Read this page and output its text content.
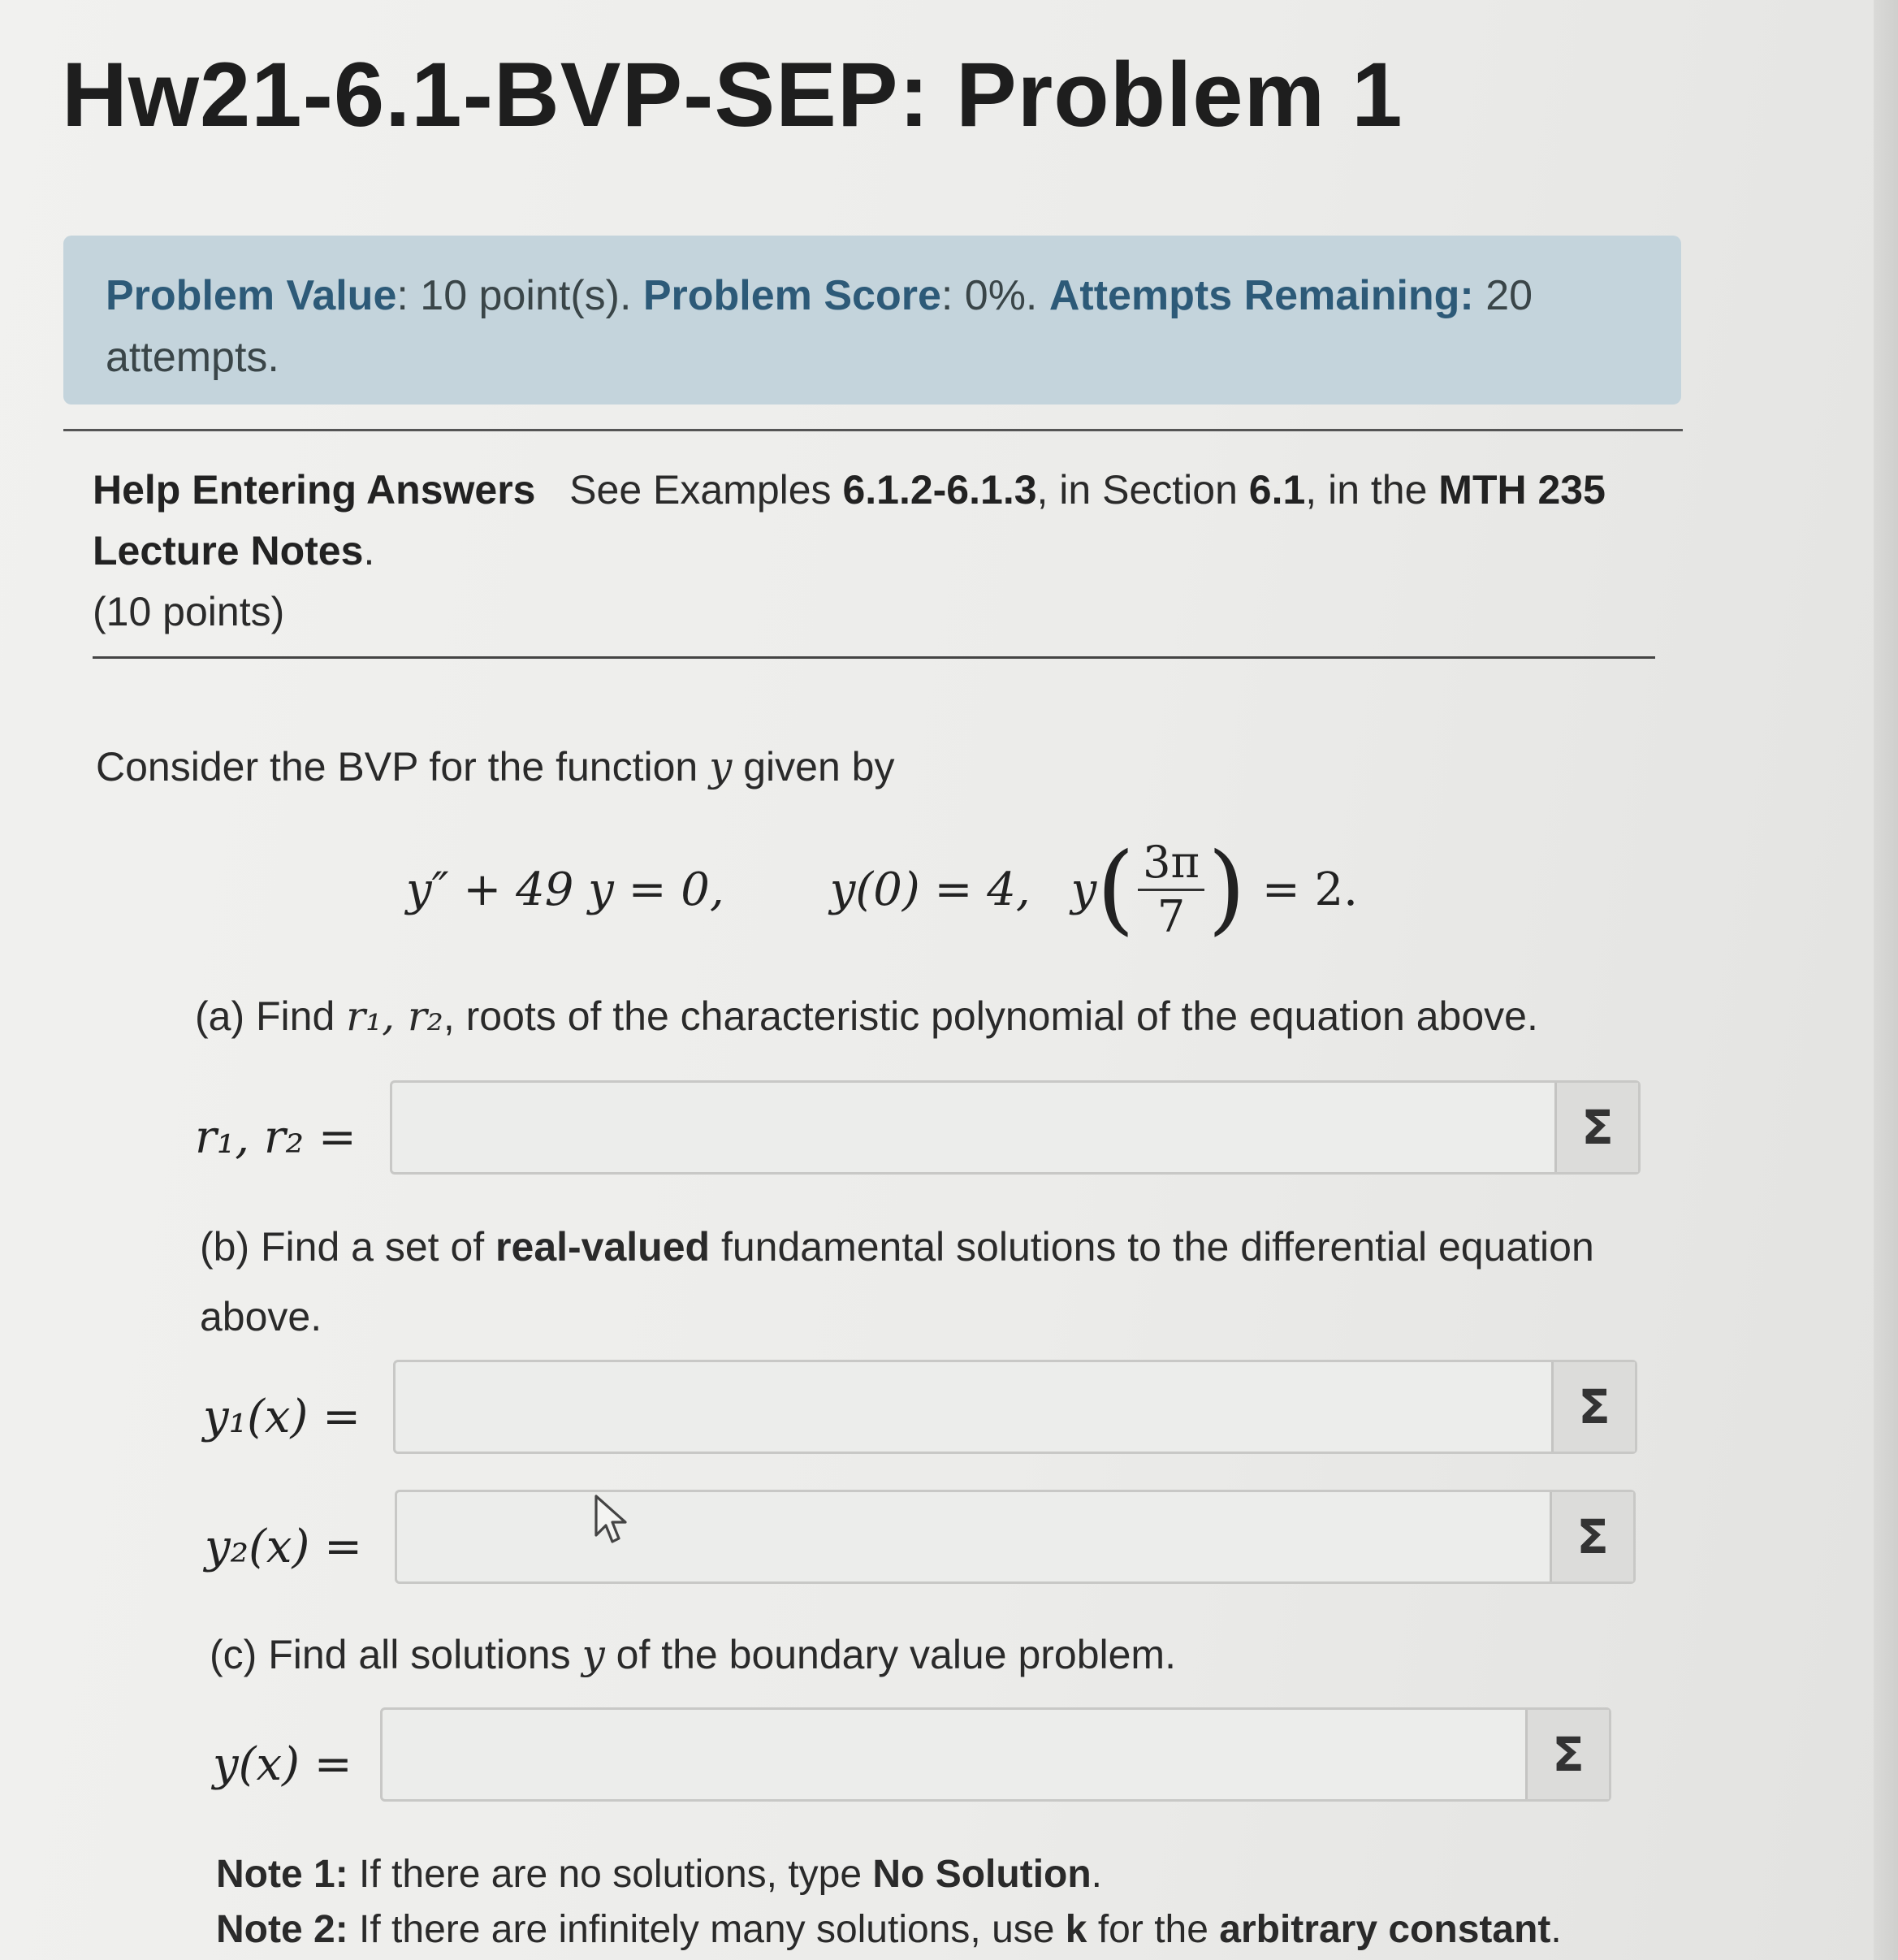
Hw21-6.1-BVP-SEP: Problem 1
Problem Value: 10 point(s). Problem Score: 0%. Attempts Remaining: 20 attempts.
Help Entering Answers See Examples 6.1.2-6.1.3, in Section 6.1, in the MTH 235 Lecture Notes.
(10 points)
Consider the BVP for the function y given by
y″ + 49 y = 0, y(0) = 4, y ( $\frac{3\pi}{7}$ ) = 2.
(a) Find r₁, r₂, roots of the characteristic polynomial of the equation above.
r₁, r₂ =	Σ
(b) Find a set of real-valued fundamental solutions to the differential equation
above.
y₁(x) =	Σ
y₂(x) =	Σ
(c) Find all solutions y of the boundary value problem.
y(x) =	Σ
Note 1: If there are no solutions, type No Solution.
Note 2: If there are infinitely many solutions, use k for the arbitrary constant.
